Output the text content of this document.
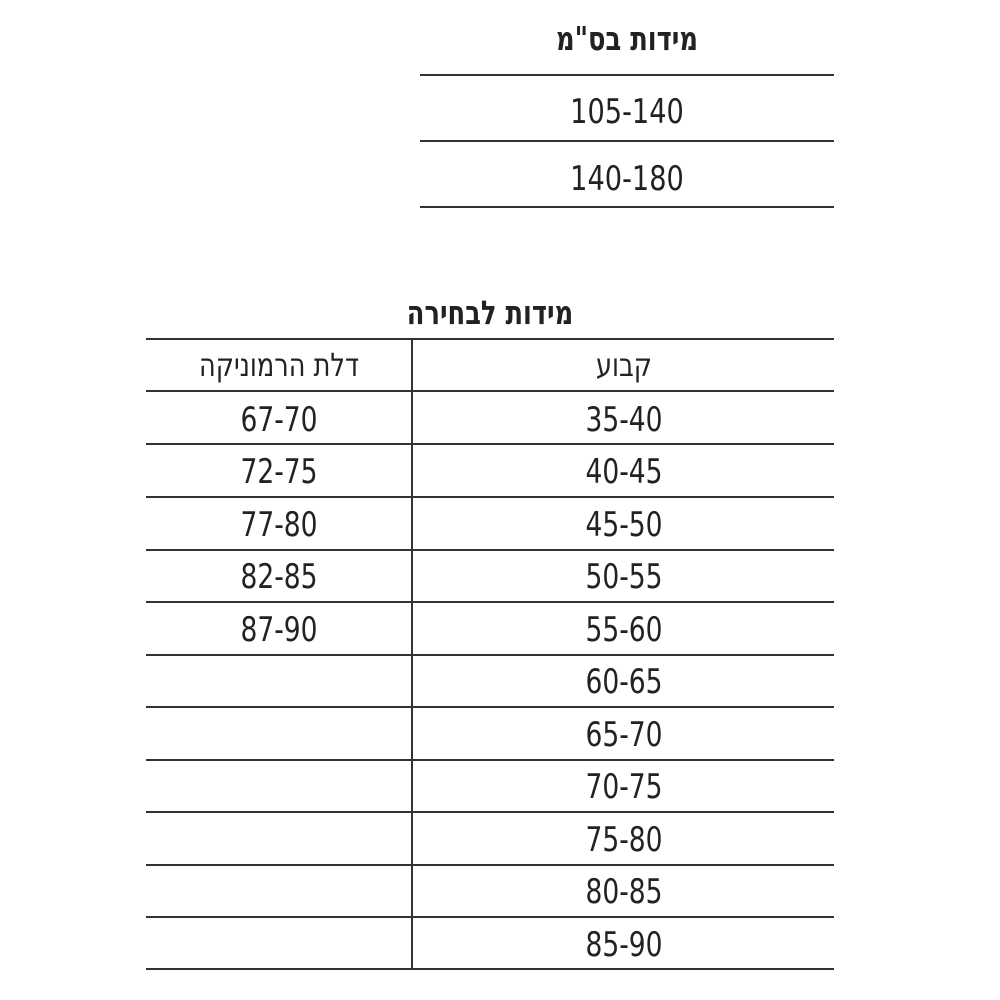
מידות בס"מ
105-140
140-180
מידות לבחירה
קבוע
דלת הרמוניקה
35-40
67-70
40-45
72-75
45-50
77-80
50-55
82-85
55-60
87-90
60-65
65-70
70-75
75-80
80-85
85-90
